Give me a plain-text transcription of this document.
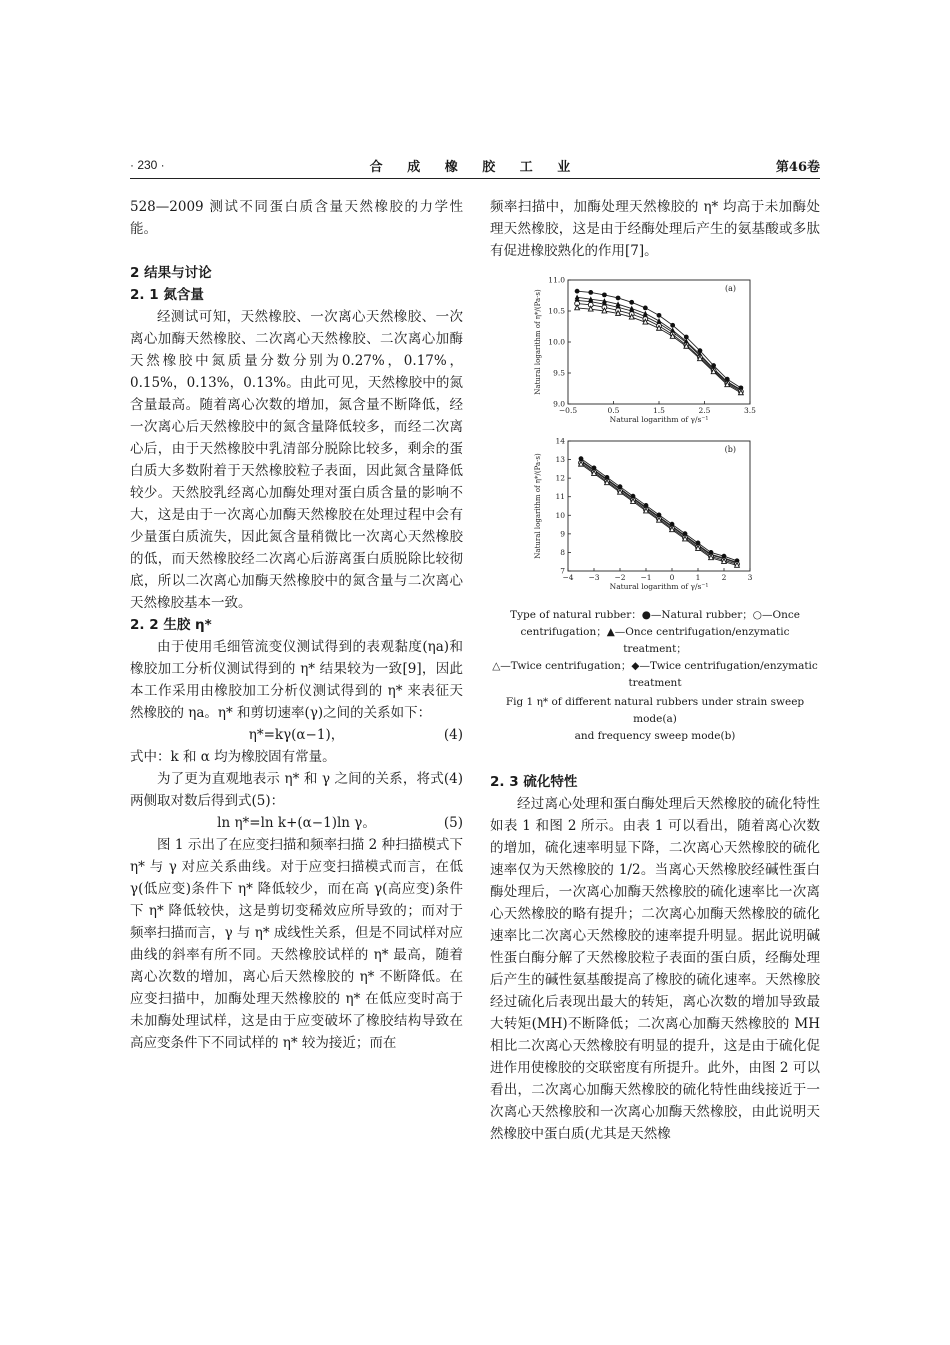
· 230 ·	合 成 橡 胶 工 业	第46卷

528—2009 测试不同蛋白质含量天然橡胶的力学性能。

2 结果与讨论

2. 1 氮含量

经测试可知，天然橡胶、一次离心天然橡胶、一次离心加酶天然橡胶、二次离心天然橡胶、二次离心加酶天然橡胶中氮质量分数分别为0.27%，0.17%，0.15%，0.13%，0.13%。由此可见，天然橡胶中的氮含量最高。随着离心次数的增加，氮含量不断降低，经一次离心后天然橡胶中的氮含量降低较多，而经二次离心后，由于天然橡胶中乳清部分脱除比较多，剩余的蛋白质大多数附着于天然橡胶粒子表面，因此氮含量降低较少。天然胶乳经离心加酶处理对蛋白质含量的影响不大，这是由于一次离心加酶天然橡胶在处理过程中会有少量蛋白质流失，因此氮含量稍微比一次离心天然橡胶的低，而天然橡胶经二次离心后游离蛋白质脱除比较彻底，所以二次离心加酶天然橡胶中的氮含量与二次离心天然橡胶基本一致。

2. 2 生胶 η*

由于使用毛细管流变仪测试得到的表观黏度(ηa)和橡胶加工分析仪测试得到的 η* 结果较为一致[9]，因此本工作采用由橡胶加工分析仪测试得到的 η* 来表征天然橡胶的 ηa。η* 和剪切速率(γ)之间的关系如下：

η*=kγ(α−1)，	(4)

式中：k 和 α 均为橡胶固有常量。

为了更为直观地表示 η* 和 γ 之间的关系，将式(4)两侧取对数后得到式(5)：

ln η*=ln k+(α−1)ln γ。	(5)

图 1 示出了在应变扫描和频率扫描 2 种扫描模式下 η* 与 γ 对应关系曲线。对于应变扫描模式而言，在低 γ(低应变)条件下 η* 降低较少，而在高 γ(高应变)条件下 η* 降低较快，这是剪切变稀效应所导致的；而对于频率扫描而言，γ 与 η* 成线性关系，但是不同试样对应曲线的斜率有所不同。天然橡胶试样的 η* 最高，随着离心次数的增加，离心后天然橡胶的 η* 不断降低。在应变扫描中，加酶处理天然橡胶的 η* 在低应变时高于未加酶处理试样，这是由于应变破坏了橡胶结构导致在高应变条件下不同试样的 η* 较为接近；而在

频率扫描中，加酶处理天然橡胶的 η* 均高于未加酶处理天然橡胶，这是由于经酶处理后产生的氨基酸或多肽有促进橡胶熟化的作用[7]。

−0.5	0.5	1.5	2.5	3.5
9.0
9.5
10.0
10.5
11.0
Natural logarithm of γ/s⁻¹
Natural logarithm of η*/(Pa·s)
(a)
−4 −3 −2 −1 0	1	2	3
7
8
9
10
11
12
13
14
Natural logarithm of γ/s⁻¹
Natural logarithm of η*/(Pa·s)
(b)
Type of natural rubber：●—Natural rubber；○—Once
centrifugation；▲—Once centrifugation/enzymatic treatment；
△—Twice centrifugation；◆—Twice centrifugation/enzymatic
treatment
Fig 1 η* of different natural rubbers under strain sweep mode(a)
and frequency sweep mode(b)

2. 3 硫化特性

经过离心处理和蛋白酶处理后天然橡胶的硫化特性如表 1 和图 2 所示。由表 1 可以看出，随着离心次数的增加，硫化速率明显下降，二次离心天然橡胶的硫化速率仅为天然橡胶的 1/2。当离心天然橡胶经碱性蛋白酶处理后，一次离心加酶天然橡胶的硫化速率比一次离心天然橡胶的略有提升；二次离心加酶天然橡胶的硫化速率比二次离心天然橡胶的速率提升明显。据此说明碱性蛋白酶分解了天然橡胶粒子表面的蛋白质，经酶处理后产生的碱性氨基酸提高了橡胶的硫化速率。天然橡胶经过硫化后表现出最大的转矩，离心次数的增加导致最大转矩(MH)不断降低；二次离心加酶天然橡胶的 MH 相比二次离心天然橡胶有明显的提升，这是由于硫化促进作用使橡胶的交联密度有所提升。此外，由图 2 可以看出，二次离心加酶天然橡胶的硫化特性曲线接近于一次离心天然橡胶和一次离心加酶天然橡胶，由此说明天然橡胶中蛋白质(尤其是天然橡
